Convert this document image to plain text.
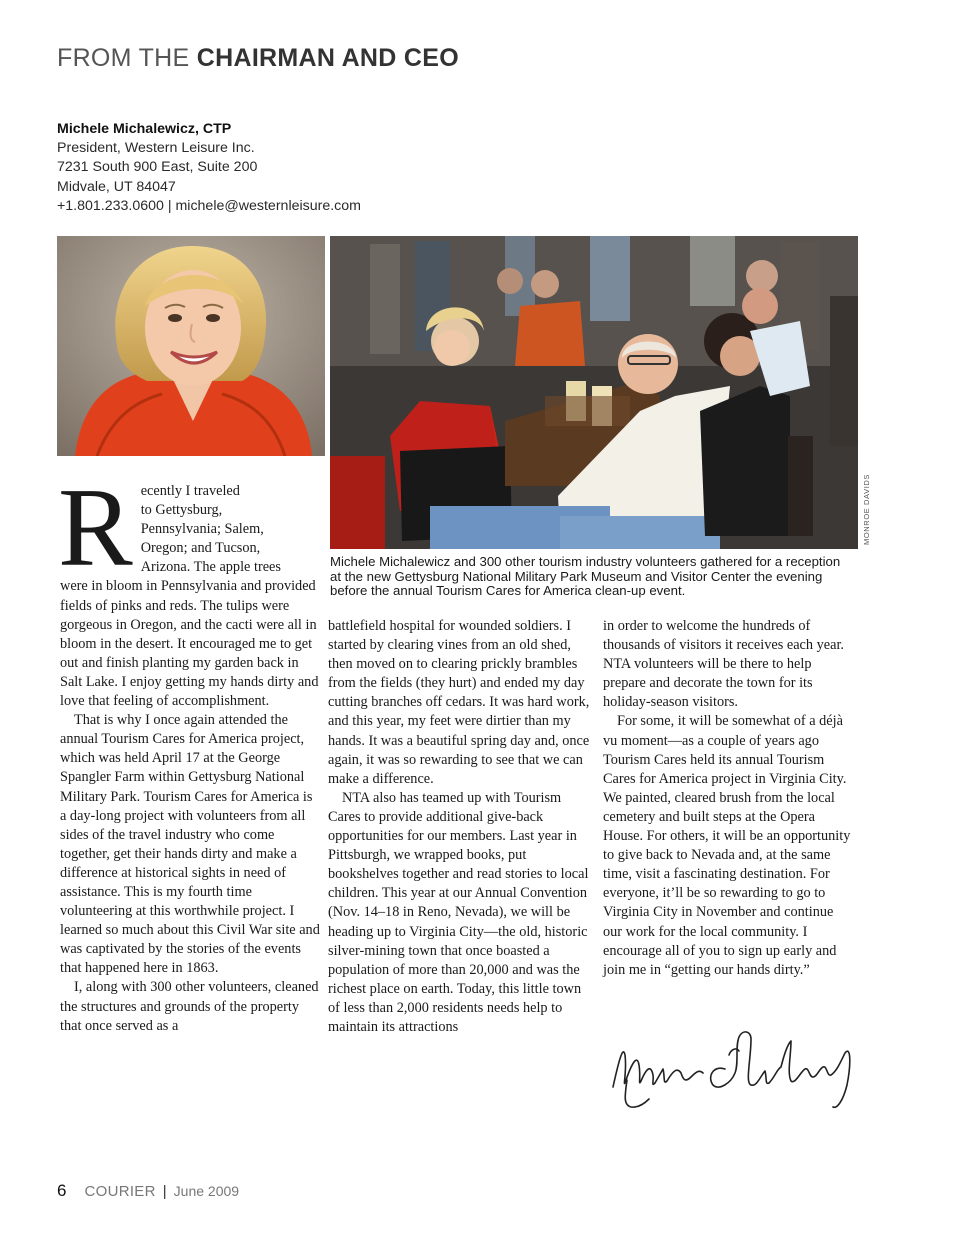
FROM THE CHAIRMAN AND CEO
Michele Michalewicz, CTP
President, Western Leisure Inc.
7231 South 900 East, Suite 200
Midvale, UT 84047
+1.801.233.0600 | michele@westernleisure.com
MONROE DAVIDS
Michele Michalewicz and 300 other tourism industry volunteers gathered for a reception at the new Gettysburg National Military Park Museum and Visitor Center the evening before the annual Tourism Cares for America clean-up event.

R ecently I traveled
to Gettysburg,
Pennsylvania; Salem,
Oregon; and Tucson,
Arizona. The apple trees
were in bloom in Pennsylvania and provided fields of pinks and reds. The tulips were gorgeous in Oregon, and the cacti were all in bloom in the desert. It encouraged me to get out and finish planting my garden back in Salt Lake. I enjoy getting my hands dirty and love that feeling of accomplishment.

That is why I once again attended the annual Tourism Cares for America project, which was held April 17 at the George Spangler Farm within Gettysburg National Military Park. Tourism Cares for America is a day-long project with volunteers from all sides of the travel industry who come together, get their hands dirty and make a difference at historical sights in need of assistance. This is my fourth time volunteering at this worthwhile project. I learned so much about this Civil War site and was captivated by the stories of the events that happened here in 1863.

I, along with 300 other volunteers, cleaned the structures and grounds of the property that once served as a

battlefield hospital for wounded soldiers. I started by clearing vines from an old shed, then moved on to clearing prickly brambles from the fields (they hurt) and ended my day cutting branches off cedars. It was hard work, and this year, my feet were dirtier than my hands. It was a beautiful spring day and, once again, it was so rewarding to see that we can make a difference.

NTA also has teamed up with Tourism Cares to provide additional give-back opportunities for our members. Last year in Pittsburgh, we wrapped books, put bookshelves together and read stories to local children. This year at our Annual Convention (Nov. 14–18 in Reno, Nevada), we will be heading up to Virginia City—the old, historic silver-mining town that once boasted a population of more than 20,000 and was the richest place on earth. Today, this little town of less than 2,000 residents needs help to maintain its attractions

in order to welcome the hundreds of thousands of visitors it receives each year. NTA volunteers will be there to help prepare and decorate the town for its holiday-season visitors.

For some, it will be somewhat of a déjà vu moment—as a couple of years ago Tourism Cares held its annual Tourism Cares for America project in Virginia City. We painted, cleared brush from the local cemetery and built steps at the Opera House. For others, it will be an opportunity to give back to Nevada and, at the same time, visit a fascinating destination. For everyone, it’ll be so rewarding to go to Virginia City in November and continue our work for the local community. I encourage all of you to sign up early and join me in “getting our hands dirty.”

6 COURIER | June 2009
